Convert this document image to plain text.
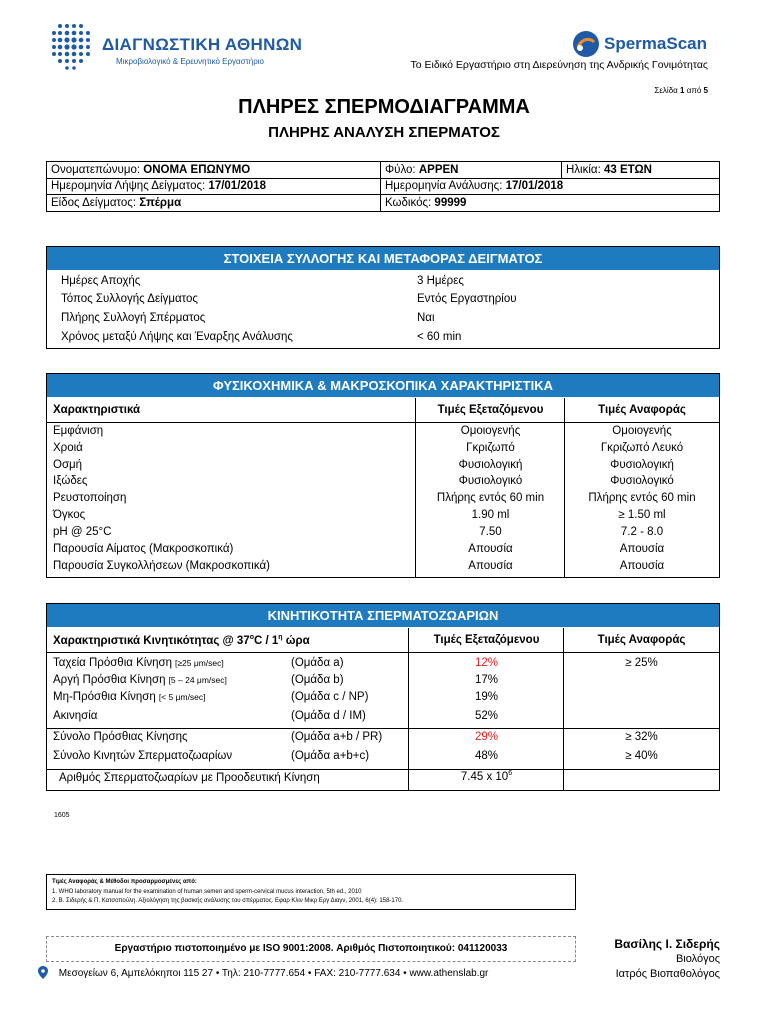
ΔΙΑΓΝΩΣΤΙΚΗ ΑΘΗΝΩΝ
Μικροβιολογικό & Ερευνητικό Εργαστήριο
SpermaScan
Το Ειδικό Εργαστήριο στη Διερεύνηση της Ανδρικής Γονιμότητας
Σελίδα 1 από 5
ΠΛΗΡΕΣ ΣΠΕΡΜΟΔΙΑΓΡΑΜΜΑ
ΠΛΗΡΗΣ ΑΝΑΛΥΣΗ ΣΠΕΡΜΑΤΟΣ
Ονοματεπώνυμο: ΟΝΟΜΑ ΕΠΩΝΥΜΟ	Φύλο: ΑΡΡΕΝ	Ηλικία: 43 ΕΤΩΝ
Ημερομηνία Λήψης Δείγματος: 17/01/2018	Ημερομηνία Ανάλυσης: 17/01/2018	
Είδος Δείγματος: Σπέρμα	Κωδικός: 99999	
ΣΤΟΙΧΕΙΑ ΣΥΛΛΟΓΗΣ ΚΑΙ ΜΕΤΑΦΟΡΑΣ ΔΕΙΓΜΑΤΟΣ
Ημέρες Αποχής	3 Ημέρες
Τόπος Συλλογής Δείγματος	Εντός Εργαστηρίου
Πλήρης Συλλογή Σπέρματος	Ναι
Χρόνος μεταξύ Λήψης και Έναρξης Ανάλυσης	< 60 min
ΦΥΣΙΚΟΧΗΜΙΚΑ & ΜΑΚΡΟΣΚΟΠΙΚΑ ΧΑΡΑΚΤΗΡΙΣΤΙΚΑ
Χαρακτηριστικά	Τιμές Εξεταζόμενου	Τιμές Αναφοράς
Εμφάνιση	Ομοιογενής	Ομοιογενής
Χροιά	Γκριζωπό	Γκριζωπό Λευκό
Οσμή	Φυσιολογική	Φυσιολογική
Ιξώδες	Φυσιολογικό	Φυσιολογικό
Ρευστοποίηση	Πλήρης εντός 60 min	Πλήρης εντός 60 min
Όγκος	1.90 ml	≥ 1.50 ml
pH @ 25°C	7.50	7.2 - 8.0
Παρουσία Αίματος (Μακροσκοπικά)	Απουσία	Απουσία
Παρουσία Συγκολλήσεων (Μακροσκοπικά)	Απουσία	Απουσία
ΚΙΝΗΤΙΚΟΤΗΤΑ ΣΠΕΡΜΑΤΟΖΩΑΡΙΩΝ
Χαρακτηριστικά Κινητικότητας @ $37^oC / 1^\eta$ ώρα	Τιμές Εξεταζόμενου	Τιμές Αναφοράς
Ταχεία Πρόσθια Κίνηση [≥25 μm/sec]	(Ομάδα a)	12%	≥ 25%
Αργή Πρόσθια Κίνηση [5 – 24 μm/sec]	(Ομάδα b)	17%
Μη-Πρόσθια Κίνηση [< 5 μm/sec]	(Ομάδα c / NP)	19%
Ακινησία	(Ομάδα d / IM)	52%
Σύνολο Πρόσθιας Κίνησης	(Ομάδα a+b / PR)	29%	≥ 32%
Σύνολο Κινητών Σπερματοζωαρίων	(Ομάδα a+b+c)	48%	≥ 40%
Αριθμός Σπερματοζωαρίων με Προοδευτική Κίνηση	7.45 x $10^6$
1605
Τιμές Αναφοράς & Μέθοδοι προσαρμοσμένες από:
1. WHO laboratory manual for the examination of human semen and sperm-cervical mucus interaction, 5th ed., 2010
2. Β. Σιδερής & Π. Κατσοπούλη. Αξιολόγηση της βασικής ανάλυσης του σπέρματος. Εφαρ Κλιν Μικρ Εργ Διαγν, 2001, 6(4): 158-170.
Εργαστήριο πιστοποιημένο με ISO 9001:2008. Αριθμός Πιστοποιητικού: 041120033	Βασίλης Ι. Σιδερής
Βιολόγος
Ιατρός Βιοπαθολόγος
Μεσογείων 6, Αμπελόκηποι 115 27 • Τηλ: 210-7777.654 • FAX: 210-7777.634 • www.athenslab.gr
